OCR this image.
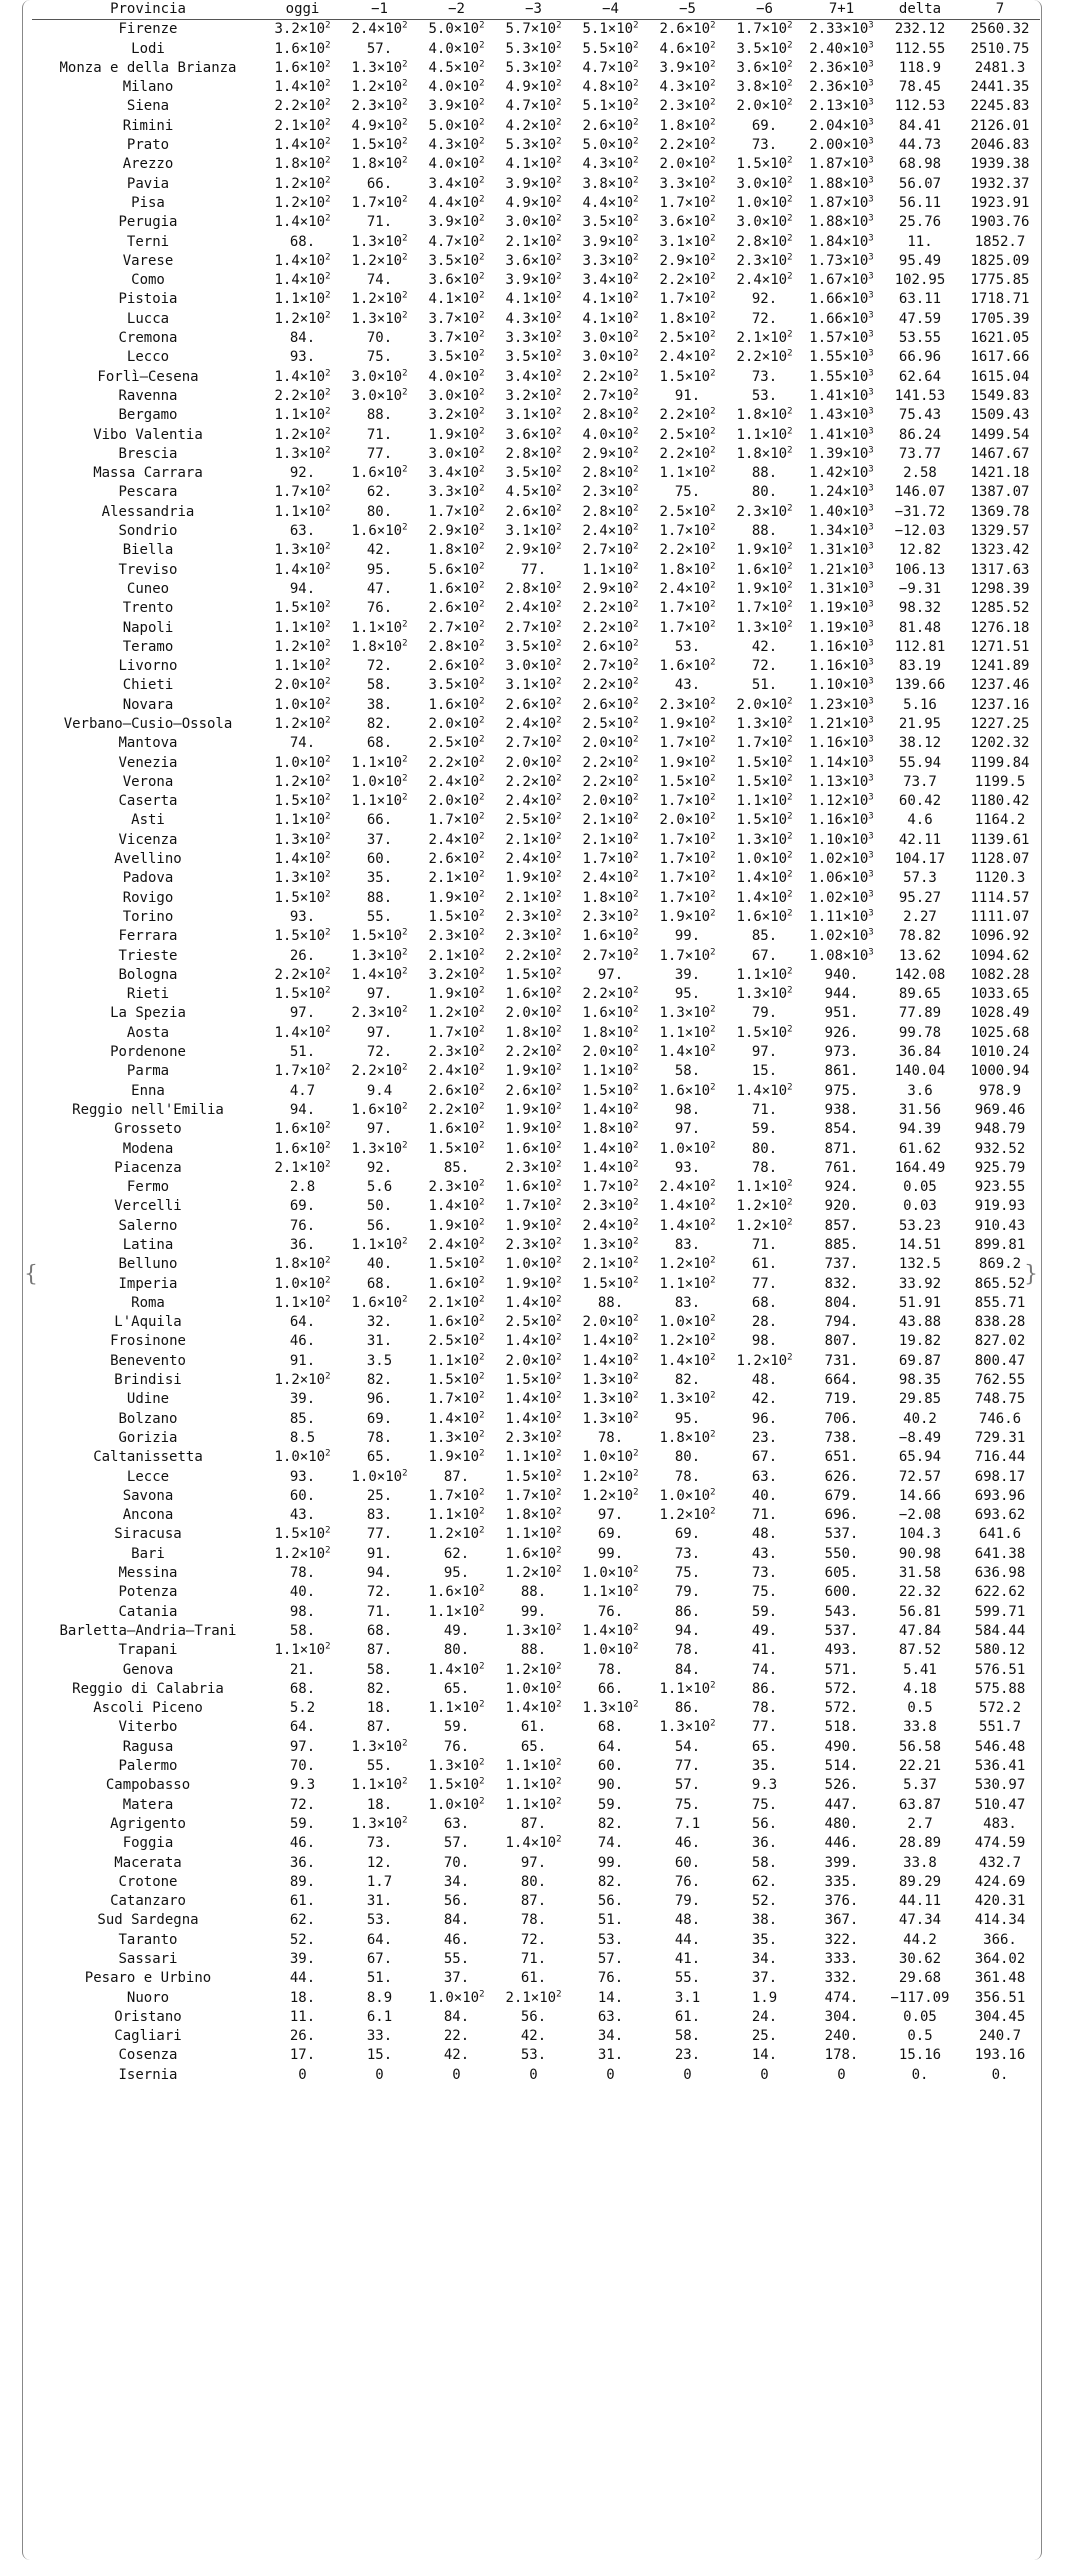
{	}
Provincia	oggi	−1	−2	−3	−4	−5	−6	7+1	delta	7
Firenze	$3.2\times 10^2$	$2.4\times 10^2$	$5.0\times 10^2$	$5.7\times 10^2$	$5.1\times 10^2$	$2.6\times 10^2$	$1.7\times 10^2$	$2.33\times 10^3$	232.12	2560.32
Lodi	$1.6\times 10^2$	57.	$4.0\times 10^2$	$5.3\times 10^2$	$5.5\times 10^2$	$4.6\times 10^2$	$3.5\times 10^2$	$2.40\times 10^3$	112.55	2510.75
Monza e della Brianza	$1.6\times 10^2$	$1.3\times 10^2$	$4.5\times 10^2$	$5.3\times 10^2$	$4.7\times 10^2$	$3.9\times 10^2$	$3.6\times 10^2$	$2.36\times 10^3$	118.9	2481.3
Milano	$1.4\times 10^2$	$1.2\times 10^2$	$4.0\times 10^2$	$4.9\times 10^2$	$4.8\times 10^2$	$4.3\times 10^2$	$3.8\times 10^2$	$2.36\times 10^3$	78.45	2441.35
Siena	$2.2\times 10^2$	$2.3\times 10^2$	$3.9\times 10^2$	$4.7\times 10^2$	$5.1\times 10^2$	$2.3\times 10^2$	$2.0\times 10^2$	$2.13\times 10^3$	112.53	2245.83
Rimini	$2.1\times 10^2$	$4.9\times 10^2$	$5.0\times 10^2$	$4.2\times 10^2$	$2.6\times 10^2$	$1.8\times 10^2$	69.	$2.04\times 10^3$	84.41	2126.01
Prato	$1.4\times 10^2$	$1.5\times 10^2$	$4.3\times 10^2$	$5.3\times 10^2$	$5.0\times 10^2$	$2.2\times 10^2$	73.	$2.00\times 10^3$	44.73	2046.83
Arezzo	$1.8\times 10^2$	$1.8\times 10^2$	$4.0\times 10^2$	$4.1\times 10^2$	$4.3\times 10^2$	$2.0\times 10^2$	$1.5\times 10^2$	$1.87\times 10^3$	68.98	1939.38
Pavia	$1.2\times 10^2$	66.	$3.4\times 10^2$	$3.9\times 10^2$	$3.8\times 10^2$	$3.3\times 10^2$	$3.0\times 10^2$	$1.88\times 10^3$	56.07	1932.37
Pisa	$1.2\times 10^2$	$1.7\times 10^2$	$4.4\times 10^2$	$4.9\times 10^2$	$4.4\times 10^2$	$1.7\times 10^2$	$1.0\times 10^2$	$1.87\times 10^3$	56.11	1923.91
Perugia	$1.4\times 10^2$	71.	$3.9\times 10^2$	$3.0\times 10^2$	$3.5\times 10^2$	$3.6\times 10^2$	$3.0\times 10^2$	$1.88\times 10^3$	25.76	1903.76
Terni	68.	$1.3\times 10^2$	$4.7\times 10^2$	$2.1\times 10^2$	$3.9\times 10^2$	$3.1\times 10^2$	$2.8\times 10^2$	$1.84\times 10^3$	11.	1852.7
Varese	$1.4\times 10^2$	$1.2\times 10^2$	$3.5\times 10^2$	$3.6\times 10^2$	$3.3\times 10^2$	$2.9\times 10^2$	$2.3\times 10^2$	$1.73\times 10^3$	95.49	1825.09
Como	$1.4\times 10^2$	74.	$3.6\times 10^2$	$3.9\times 10^2$	$3.4\times 10^2$	$2.2\times 10^2$	$2.4\times 10^2$	$1.67\times 10^3$	102.95	1775.85
Pistoia	$1.1\times 10^2$	$1.2\times 10^2$	$4.1\times 10^2$	$4.1\times 10^2$	$4.1\times 10^2$	$1.7\times 10^2$	92.	$1.66\times 10^3$	63.11	1718.71
Lucca	$1.2\times 10^2$	$1.3\times 10^2$	$3.7\times 10^2$	$4.3\times 10^2$	$4.1\times 10^2$	$1.8\times 10^2$	72.	$1.66\times 10^3$	47.59	1705.39
Cremona	84.	70.	$3.7\times 10^2$	$3.3\times 10^2$	$3.0\times 10^2$	$2.5\times 10^2$	$2.1\times 10^2$	$1.57\times 10^3$	53.55	1621.05
Lecco	93.	75.	$3.5\times 10^2$	$3.5\times 10^2$	$3.0\times 10^2$	$2.4\times 10^2$	$2.2\times 10^2$	$1.55\times 10^3$	66.96	1617.66
Forlì–Cesena	$1.4\times 10^2$	$3.0\times 10^2$	$4.0\times 10^2$	$3.4\times 10^2$	$2.2\times 10^2$	$1.5\times 10^2$	73.	$1.55\times 10^3$	62.64	1615.04
Ravenna	$2.2\times 10^2$	$3.0\times 10^2$	$3.0\times 10^2$	$3.2\times 10^2$	$2.7\times 10^2$	91.	53.	$1.41\times 10^3$	141.53	1549.83
Bergamo	$1.1\times 10^2$	88.	$3.2\times 10^2$	$3.1\times 10^2$	$2.8\times 10^2$	$2.2\times 10^2$	$1.8\times 10^2$	$1.43\times 10^3$	75.43	1509.43
Vibo Valentia	$1.2\times 10^2$	71.	$1.9\times 10^2$	$3.6\times 10^2$	$4.0\times 10^2$	$2.5\times 10^2$	$1.1\times 10^2$	$1.41\times 10^3$	86.24	1499.54
Brescia	$1.3\times 10^2$	77.	$3.0\times 10^2$	$2.8\times 10^2$	$2.9\times 10^2$	$2.2\times 10^2$	$1.8\times 10^2$	$1.39\times 10^3$	73.77	1467.67
Massa Carrara	92.	$1.6\times 10^2$	$3.4\times 10^2$	$3.5\times 10^2$	$2.8\times 10^2$	$1.1\times 10^2$	88.	$1.42\times 10^3$	2.58	1421.18
Pescara	$1.7\times 10^2$	62.	$3.3\times 10^2$	$4.5\times 10^2$	$2.3\times 10^2$	75.	80.	$1.24\times 10^3$	146.07	1387.07
Alessandria	$1.1\times 10^2$	80.	$1.7\times 10^2$	$2.6\times 10^2$	$2.8\times 10^2$	$2.5\times 10^2$	$2.3\times 10^2$	$1.40\times 10^3$	−31.72	1369.78
Sondrio	63.	$1.6\times 10^2$	$2.9\times 10^2$	$3.1\times 10^2$	$2.4\times 10^2$	$1.7\times 10^2$	88.	$1.34\times 10^3$	−12.03	1329.57
Biella	$1.3\times 10^2$	42.	$1.8\times 10^2$	$2.9\times 10^2$	$2.7\times 10^2$	$2.2\times 10^2$	$1.9\times 10^2$	$1.31\times 10^3$	12.82	1323.42
Treviso	$1.4\times 10^2$	95.	$5.6\times 10^2$	77.	$1.1\times 10^2$	$1.8\times 10^2$	$1.6\times 10^2$	$1.21\times 10^3$	106.13	1317.63
Cuneo	94.	47.	$1.6\times 10^2$	$2.8\times 10^2$	$2.9\times 10^2$	$2.4\times 10^2$	$1.9\times 10^2$	$1.31\times 10^3$	−9.31	1298.39
Trento	$1.5\times 10^2$	76.	$2.6\times 10^2$	$2.4\times 10^2$	$2.2\times 10^2$	$1.7\times 10^2$	$1.7\times 10^2$	$1.19\times 10^3$	98.32	1285.52
Napoli	$1.1\times 10^2$	$1.1\times 10^2$	$2.7\times 10^2$	$2.7\times 10^2$	$2.2\times 10^2$	$1.7\times 10^2$	$1.3\times 10^2$	$1.19\times 10^3$	81.48	1276.18
Teramo	$1.2\times 10^2$	$1.8\times 10^2$	$2.8\times 10^2$	$3.5\times 10^2$	$2.6\times 10^2$	53.	42.	$1.16\times 10^3$	112.81	1271.51
Livorno	$1.1\times 10^2$	72.	$2.6\times 10^2$	$3.0\times 10^2$	$2.7\times 10^2$	$1.6\times 10^2$	72.	$1.16\times 10^3$	83.19	1241.89
Chieti	$2.0\times 10^2$	58.	$3.5\times 10^2$	$3.1\times 10^2$	$2.2\times 10^2$	43.	51.	$1.10\times 10^3$	139.66	1237.46
Novara	$1.0\times 10^2$	38.	$1.6\times 10^2$	$2.6\times 10^2$	$2.6\times 10^2$	$2.3\times 10^2$	$2.0\times 10^2$	$1.23\times 10^3$	5.16	1237.16
Verbano–Cusio–Ossola	$1.2\times 10^2$	82.	$2.0\times 10^2$	$2.4\times 10^2$	$2.5\times 10^2$	$1.9\times 10^2$	$1.3\times 10^2$	$1.21\times 10^3$	21.95	1227.25
Mantova	74.	68.	$2.5\times 10^2$	$2.7\times 10^2$	$2.0\times 10^2$	$1.7\times 10^2$	$1.7\times 10^2$	$1.16\times 10^3$	38.12	1202.32
Venezia	$1.0\times 10^2$	$1.1\times 10^2$	$2.2\times 10^2$	$2.0\times 10^2$	$2.2\times 10^2$	$1.9\times 10^2$	$1.5\times 10^2$	$1.14\times 10^3$	55.94	1199.84
Verona	$1.2\times 10^2$	$1.0\times 10^2$	$2.4\times 10^2$	$2.2\times 10^2$	$2.2\times 10^2$	$1.5\times 10^2$	$1.5\times 10^2$	$1.13\times 10^3$	73.7	1199.5
Caserta	$1.5\times 10^2$	$1.1\times 10^2$	$2.0\times 10^2$	$2.4\times 10^2$	$2.0\times 10^2$	$1.7\times 10^2$	$1.1\times 10^2$	$1.12\times 10^3$	60.42	1180.42
Asti	$1.1\times 10^2$	66.	$1.7\times 10^2$	$2.5\times 10^2$	$2.1\times 10^2$	$2.0\times 10^2$	$1.5\times 10^2$	$1.16\times 10^3$	4.6	1164.2
Vicenza	$1.3\times 10^2$	37.	$2.4\times 10^2$	$2.1\times 10^2$	$2.1\times 10^2$	$1.7\times 10^2$	$1.3\times 10^2$	$1.10\times 10^3$	42.11	1139.61
Avellino	$1.4\times 10^2$	60.	$2.6\times 10^2$	$2.4\times 10^2$	$1.7\times 10^2$	$1.7\times 10^2$	$1.0\times 10^2$	$1.02\times 10^3$	104.17	1128.07
Padova	$1.3\times 10^2$	35.	$2.1\times 10^2$	$1.9\times 10^2$	$2.4\times 10^2$	$1.7\times 10^2$	$1.4\times 10^2$	$1.06\times 10^3$	57.3	1120.3
Rovigo	$1.5\times 10^2$	88.	$1.9\times 10^2$	$2.1\times 10^2$	$1.8\times 10^2$	$1.7\times 10^2$	$1.4\times 10^2$	$1.02\times 10^3$	95.27	1114.57
Torino	93.	55.	$1.5\times 10^2$	$2.3\times 10^2$	$2.3\times 10^2$	$1.9\times 10^2$	$1.6\times 10^2$	$1.11\times 10^3$	2.27	1111.07
Ferrara	$1.5\times 10^2$	$1.5\times 10^2$	$2.3\times 10^2$	$2.3\times 10^2$	$1.6\times 10^2$	99.	85.	$1.02\times 10^3$	78.82	1096.92
Trieste	26.	$1.3\times 10^2$	$2.1\times 10^2$	$2.2\times 10^2$	$2.7\times 10^2$	$1.7\times 10^2$	67.	$1.08\times 10^3$	13.62	1094.62
Bologna	$2.2\times 10^2$	$1.4\times 10^2$	$3.2\times 10^2$	$1.5\times 10^2$	97.	39.	$1.1\times 10^2$	940.	142.08	1082.28
Rieti	$1.5\times 10^2$	97.	$1.9\times 10^2$	$1.6\times 10^2$	$2.2\times 10^2$	95.	$1.3\times 10^2$	944.	89.65	1033.65
La Spezia	97.	$2.3\times 10^2$	$1.2\times 10^2$	$2.0\times 10^2$	$1.6\times 10^2$	$1.3\times 10^2$	79.	951.	77.89	1028.49
Aosta	$1.4\times 10^2$	97.	$1.7\times 10^2$	$1.8\times 10^2$	$1.8\times 10^2$	$1.1\times 10^2$	$1.5\times 10^2$	926.	99.78	1025.68
Pordenone	51.	72.	$2.3\times 10^2$	$2.2\times 10^2$	$2.0\times 10^2$	$1.4\times 10^2$	97.	973.	36.84	1010.24
Parma	$1.7\times 10^2$	$2.2\times 10^2$	$2.4\times 10^2$	$1.9\times 10^2$	$1.1\times 10^2$	58.	15.	861.	140.04	1000.94
Enna	4.7	9.4	$2.6\times 10^2$	$2.6\times 10^2$	$1.5\times 10^2$	$1.6\times 10^2$	$1.4\times 10^2$	975.	3.6	978.9
Reggio nell'Emilia	94.	$1.6\times 10^2$	$2.2\times 10^2$	$1.9\times 10^2$	$1.4\times 10^2$	98.	71.	938.	31.56	969.46
Grosseto	$1.6\times 10^2$	97.	$1.6\times 10^2$	$1.9\times 10^2$	$1.8\times 10^2$	97.	59.	854.	94.39	948.79
Modena	$1.6\times 10^2$	$1.3\times 10^2$	$1.5\times 10^2$	$1.6\times 10^2$	$1.4\times 10^2$	$1.0\times 10^2$	80.	871.	61.62	932.52
Piacenza	$2.1\times 10^2$	92.	85.	$2.3\times 10^2$	$1.4\times 10^2$	93.	78.	761.	164.49	925.79
Fermo	2.8	5.6	$2.3\times 10^2$	$1.6\times 10^2$	$1.7\times 10^2$	$2.4\times 10^2$	$1.1\times 10^2$	924.	0.05	923.55
Vercelli	69.	50.	$1.4\times 10^2$	$1.7\times 10^2$	$2.3\times 10^2$	$1.4\times 10^2$	$1.2\times 10^2$	920.	0.03	919.93
Salerno	76.	56.	$1.9\times 10^2$	$1.9\times 10^2$	$2.4\times 10^2$	$1.4\times 10^2$	$1.2\times 10^2$	857.	53.23	910.43
Latina	36.	$1.1\times 10^2$	$2.4\times 10^2$	$2.3\times 10^2$	$1.3\times 10^2$	83.	71.	885.	14.51	899.81
Belluno	$1.8\times 10^2$	40.	$1.5\times 10^2$	$1.0\times 10^2$	$2.1\times 10^2$	$1.2\times 10^2$	61.	737.	132.5	869.2
Imperia	$1.0\times 10^2$	68.	$1.6\times 10^2$	$1.9\times 10^2$	$1.5\times 10^2$	$1.1\times 10^2$	77.	832.	33.92	865.52
Roma	$1.1\times 10^2$	$1.6\times 10^2$	$2.1\times 10^2$	$1.4\times 10^2$	88.	83.	68.	804.	51.91	855.71
L'Aquila	64.	32.	$1.6\times 10^2$	$2.5\times 10^2$	$2.0\times 10^2$	$1.0\times 10^2$	28.	794.	43.88	838.28
Frosinone	46.	31.	$2.5\times 10^2$	$1.4\times 10^2$	$1.4\times 10^2$	$1.2\times 10^2$	98.	807.	19.82	827.02
Benevento	91.	3.5	$1.1\times 10^2$	$2.0\times 10^2$	$1.4\times 10^2$	$1.4\times 10^2$	$1.2\times 10^2$	731.	69.87	800.47
Brindisi	$1.2\times 10^2$	82.	$1.5\times 10^2$	$1.5\times 10^2$	$1.3\times 10^2$	82.	48.	664.	98.35	762.55
Udine	39.	96.	$1.7\times 10^2$	$1.4\times 10^2$	$1.3\times 10^2$	$1.3\times 10^2$	42.	719.	29.85	748.75
Bolzano	85.	69.	$1.4\times 10^2$	$1.4\times 10^2$	$1.3\times 10^2$	95.	96.	706.	40.2	746.6
Gorizia	8.5	78.	$1.3\times 10^2$	$2.3\times 10^2$	78.	$1.8\times 10^2$	23.	738.	−8.49	729.31
Caltanissetta	$1.0\times 10^2$	65.	$1.9\times 10^2$	$1.1\times 10^2$	$1.0\times 10^2$	80.	67.	651.	65.94	716.44
Lecce	93.	$1.0\times 10^2$	87.	$1.5\times 10^2$	$1.2\times 10^2$	78.	63.	626.	72.57	698.17
Savona	60.	25.	$1.7\times 10^2$	$1.7\times 10^2$	$1.2\times 10^2$	$1.0\times 10^2$	40.	679.	14.66	693.96
Ancona	43.	83.	$1.1\times 10^2$	$1.8\times 10^2$	97.	$1.2\times 10^2$	71.	696.	−2.08	693.62
Siracusa	$1.5\times 10^2$	77.	$1.2\times 10^2$	$1.1\times 10^2$	69.	69.	48.	537.	104.3	641.6
Bari	$1.2\times 10^2$	91.	62.	$1.6\times 10^2$	99.	73.	43.	550.	90.98	641.38
Messina	78.	94.	95.	$1.2\times 10^2$	$1.0\times 10^2$	75.	73.	605.	31.58	636.98
Potenza	40.	72.	$1.6\times 10^2$	88.	$1.1\times 10^2$	79.	75.	600.	22.32	622.62
Catania	98.	71.	$1.1\times 10^2$	99.	76.	86.	59.	543.	56.81	599.71
Barletta–Andria–Trani	58.	68.	49.	$1.3\times 10^2$	$1.4\times 10^2$	94.	49.	537.	47.84	584.44
Trapani	$1.1\times 10^2$	87.	80.	88.	$1.0\times 10^2$	78.	41.	493.	87.52	580.12
Genova	21.	58.	$1.4\times 10^2$	$1.2\times 10^2$	78.	84.	74.	571.	5.41	576.51
Reggio di Calabria	68.	82.	65.	$1.0\times 10^2$	66.	$1.1\times 10^2$	86.	572.	4.18	575.88
Ascoli Piceno	5.2	18.	$1.1\times 10^2$	$1.4\times 10^2$	$1.3\times 10^2$	86.	78.	572.	0.5	572.2
Viterbo	64.	87.	59.	61.	68.	$1.3\times 10^2$	77.	518.	33.8	551.7
Ragusa	97.	$1.3\times 10^2$	76.	65.	64.	54.	65.	490.	56.58	546.48
Palermo	70.	55.	$1.3\times 10^2$	$1.1\times 10^2$	60.	77.	35.	514.	22.21	536.41
Campobasso	9.3	$1.1\times 10^2$	$1.5\times 10^2$	$1.1\times 10^2$	90.	57.	9.3	526.	5.37	530.97
Matera	72.	18.	$1.0\times 10^2$	$1.1\times 10^2$	59.	75.	75.	447.	63.87	510.47
Agrigento	59.	$1.3\times 10^2$	63.	87.	82.	7.1	56.	480.	2.7	483.
Foggia	46.	73.	57.	$1.4\times 10^2$	74.	46.	36.	446.	28.89	474.59
Macerata	36.	12.	70.	97.	99.	60.	58.	399.	33.8	432.7
Crotone	89.	1.7	34.	80.	82.	76.	62.	335.	89.29	424.69
Catanzaro	61.	31.	56.	87.	56.	79.	52.	376.	44.11	420.31
Sud Sardegna	62.	53.	84.	78.	51.	48.	38.	367.	47.34	414.34
Taranto	52.	64.	46.	72.	53.	44.	35.	322.	44.2	366.
Sassari	39.	67.	55.	71.	57.	41.	34.	333.	30.62	364.02
Pesaro e Urbino	44.	51.	37.	61.	76.	55.	37.	332.	29.68	361.48
Nuoro	18.	8.9	$1.0\times 10^2$	$2.1\times 10^2$	14.	3.1	1.9	474.	−117.09	356.51
Oristano	11.	6.1	84.	56.	63.	61.	24.	304.	0.05	304.45
Cagliari	26.	33.	22.	42.	34.	58.	25.	240.	0.5	240.7
Cosenza	17.	15.	42.	53.	31.	23.	14.	178.	15.16	193.16
Isernia	0	0	0	0	0	0	0	0	0.	0.
